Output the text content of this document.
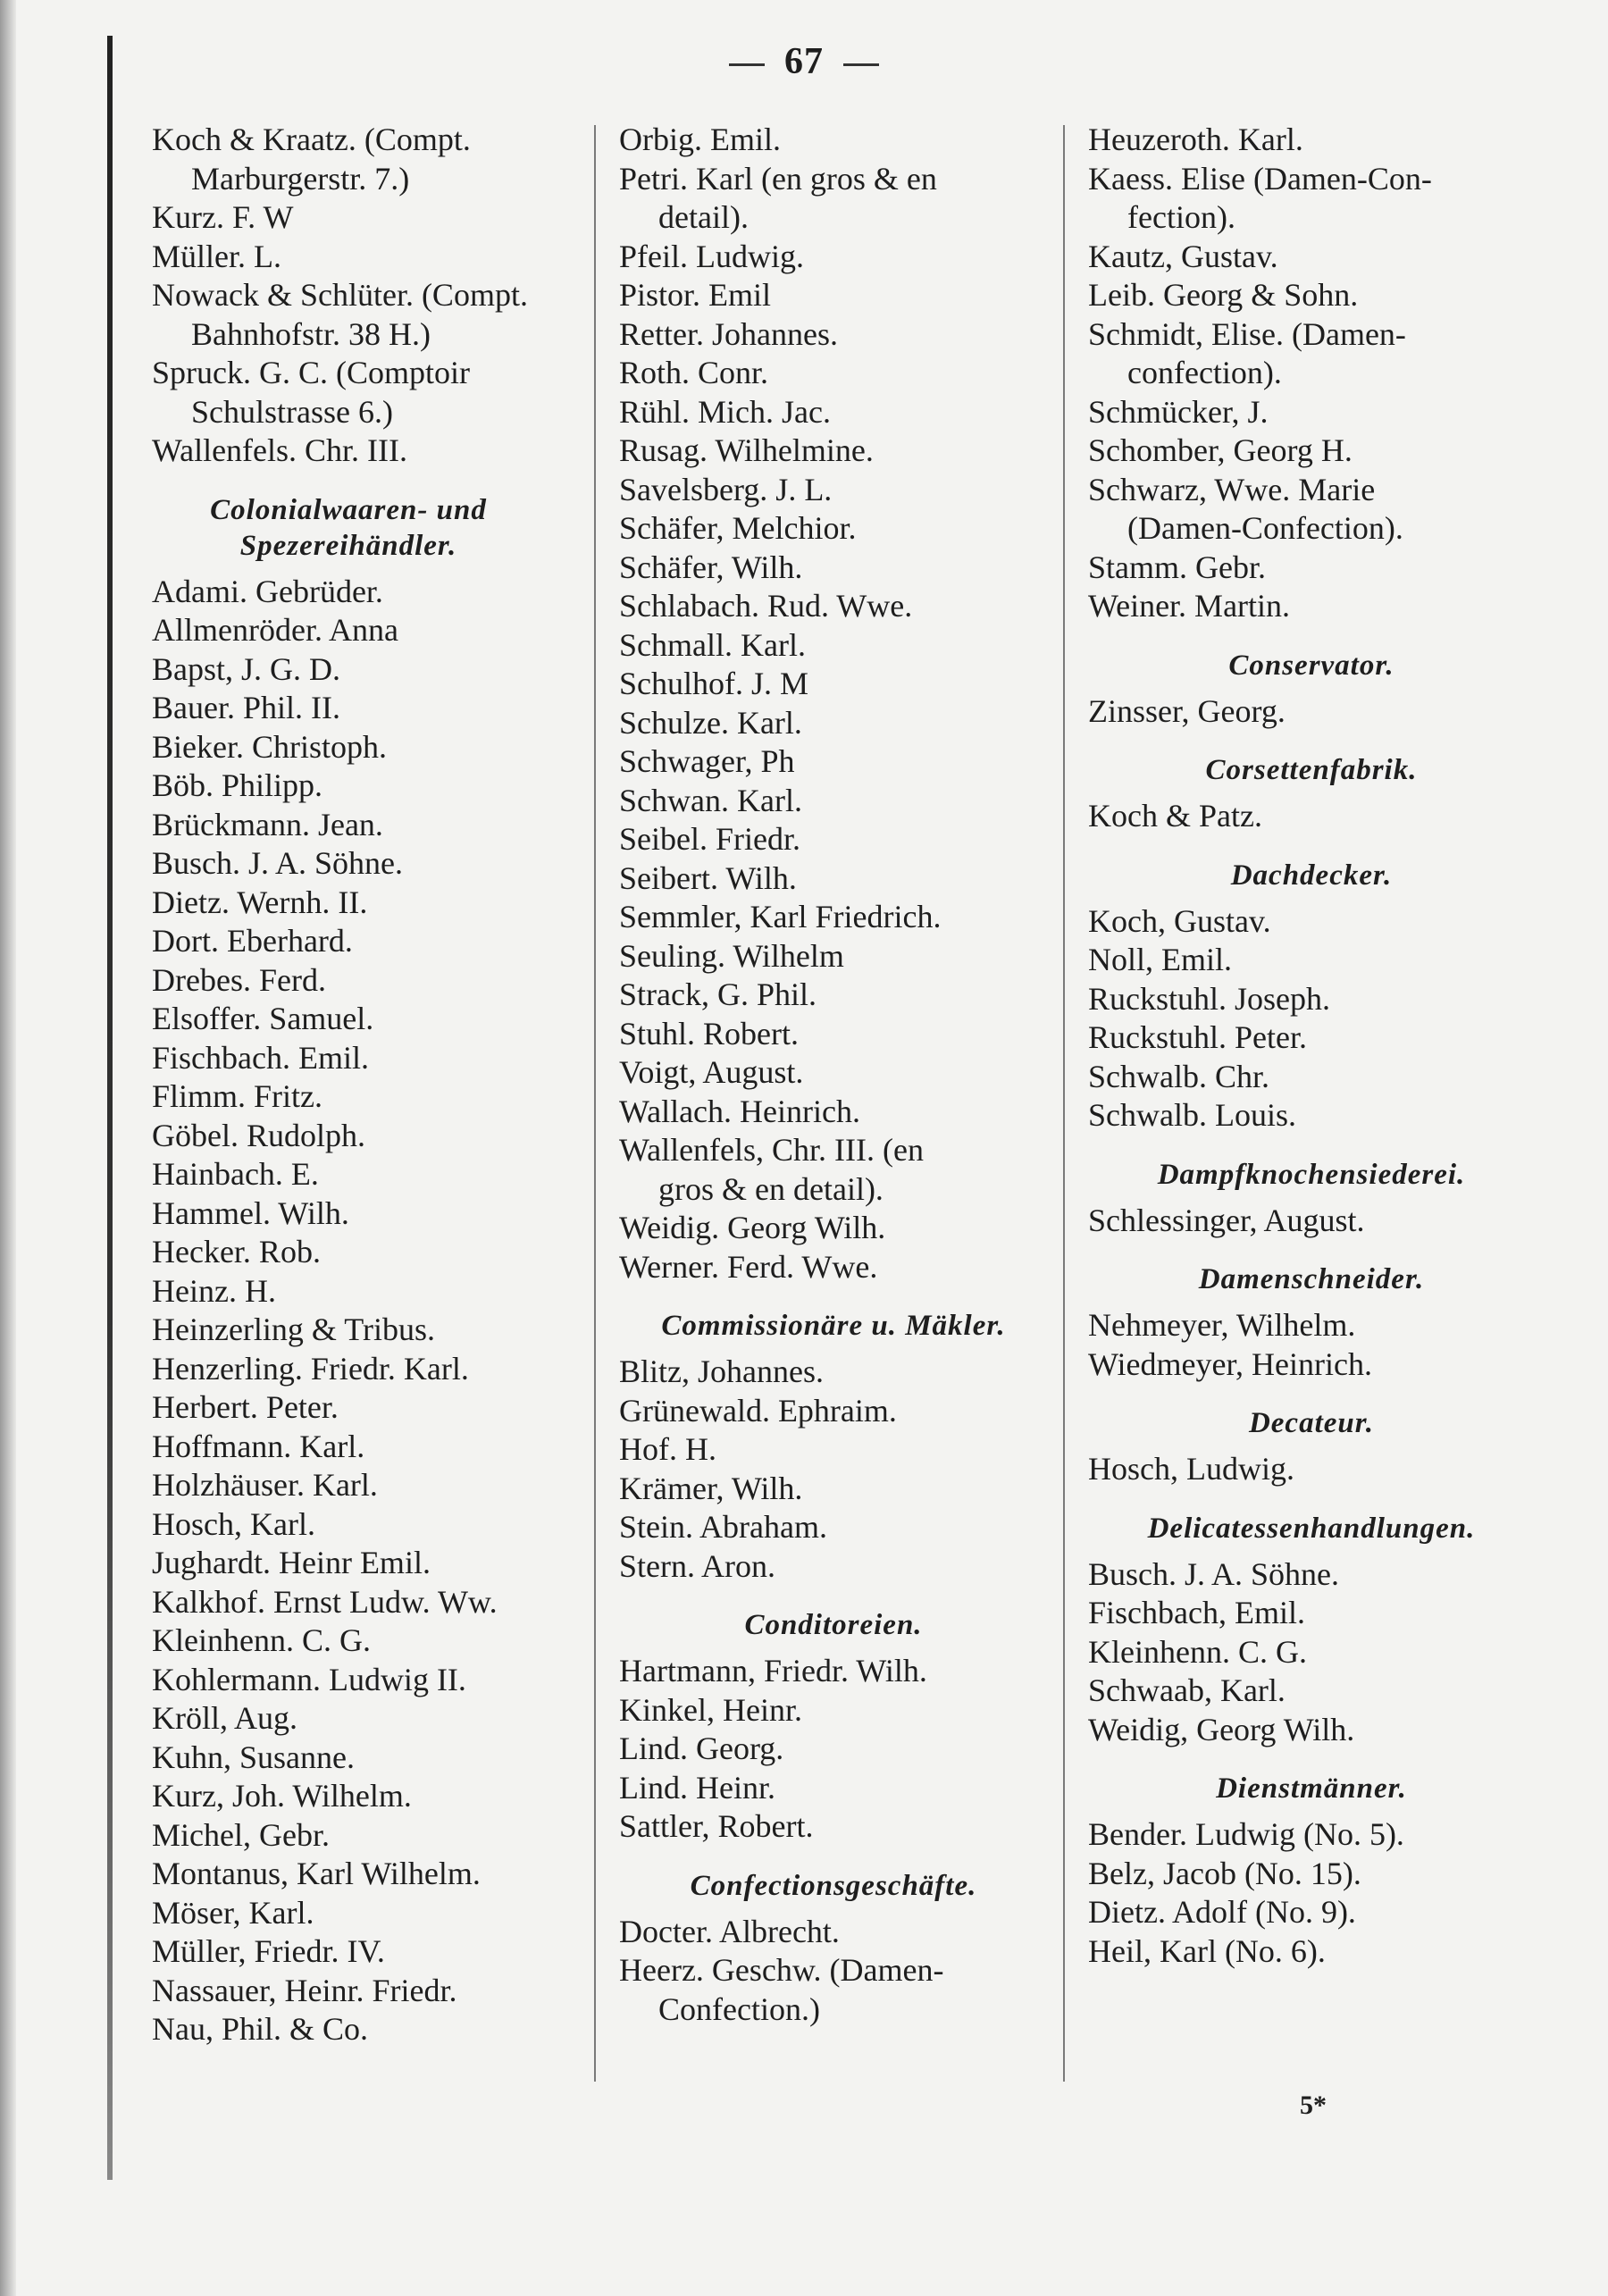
67
Koch & Kraatz. (Compt.
Marburgerstr. 7.)
Kurz. F. W
Müller. L.
Nowack & Schlüter. (Compt.
Bahnhofstr. 38 H.)
Spruck. G. C. (Comptoir
Schulstrasse 6.)
Wallenfels. Chr. III.
Colonialwaaren- und
Spezereihändler.
Adami. Gebrüder.
Allmenröder. Anna
Bapst, J. G. D.
Bauer. Phil. II.
Bieker. Christoph.
Böb. Philipp.
Brückmann. Jean.
Busch. J. A. Söhne.
Dietz. Wernh. II.
Dort. Eberhard.
Drebes. Ferd.
Elsoffer. Samuel.
Fischbach. Emil.
Flimm. Fritz.
Göbel. Rudolph.
Hainbach. E.
Hammel. Wilh.
Hecker. Rob.
Heinz. H.
Heinzerling & Tribus.
Henzerling. Friedr. Karl.
Herbert. Peter.
Hoffmann. Karl.
Holzhäuser. Karl.
Hosch, Karl.
Jughardt. Heinr Emil.
Kalkhof. Ernst Ludw. Ww.
Kleinhenn. C. G.
Kohlermann. Ludwig II.
Kröll, Aug.
Kuhn, Susanne.
Kurz, Joh. Wilhelm.
Michel, Gebr.
Montanus, Karl Wilhelm.
Möser, Karl.
Müller, Friedr. IV.
Nassauer, Heinr. Friedr.
Nau, Phil. & Co.
Orbig. Emil.
Petri. Karl (en gros & en
detail).
Pfeil. Ludwig.
Pistor. Emil
Retter. Johannes.
Roth. Conr.
Rühl. Mich. Jac.
Rusag. Wilhelmine.
Savelsberg. J. L.
Schäfer, Melchior.
Schäfer, Wilh.
Schlabach. Rud. Wwe.
Schmall. Karl.
Schulhof. J. M
Schulze. Karl.
Schwager, Ph
Schwan. Karl.
Seibel. Friedr.
Seibert. Wilh.
Semmler, Karl Friedrich.
Seuling. Wilhelm
Strack, G. Phil.
Stuhl. Robert.
Voigt, August.
Wallach. Heinrich.
Wallenfels, Chr. III. (en
gros & en detail).
Weidig. Georg Wilh.
Werner. Ferd. Wwe.
Commissionäre u. Mäkler.
Blitz, Johannes.
Grünewald. Ephraim.
Hof. H.
Krämer, Wilh.
Stein. Abraham.
Stern. Aron.
Conditoreien.
Hartmann, Friedr. Wilh.
Kinkel, Heinr.
Lind. Georg.
Lind. Heinr.
Sattler, Robert.
Confectionsgeschäfte.
Docter. Albrecht.
Heerz. Geschw. (Damen-
Confection.)
Heuzeroth. Karl.
Kaess. Elise (Damen-Con-
fection).
Kautz, Gustav.
Leib. Georg & Sohn.
Schmidt, Elise. (Damen-
confection).
Schmücker, J.
Schomber, Georg H.
Schwarz, Wwe. Marie
(Damen-Confection).
Stamm. Gebr.
Weiner. Martin.
Conservator.
Zinsser, Georg.
Corsettenfabrik.
Koch & Patz.
Dachdecker.
Koch, Gustav.
Noll, Emil.
Ruckstuhl. Joseph.
Ruckstuhl. Peter.
Schwalb. Chr.
Schwalb. Louis.
Dampfknochensiederei.
Schlessinger, August.
Damenschneider.
Nehmeyer, Wilhelm.
Wiedmeyer, Heinrich.
Decateur.
Hosch, Ludwig.
Delicatessenhandlungen.
Busch. J. A. Söhne.
Fischbach, Emil.
Kleinhenn. C. G.
Schwaab, Karl.
Weidig, Georg Wilh.
Dienstmänner.
Bender. Ludwig (No. 5).
Belz, Jacob (No. 15).
Dietz. Adolf (No. 9).
Heil, Karl (No. 6).
5*
